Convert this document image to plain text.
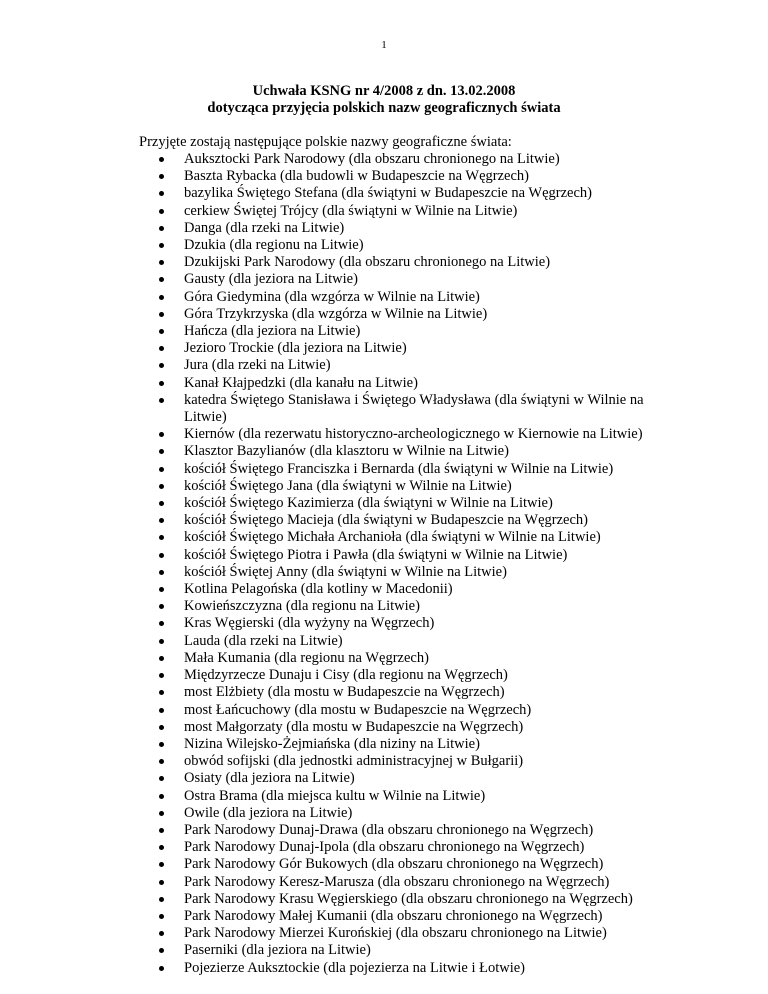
1
Uchwała KSNG nr 4/2008 z dn. 13.02.2008
dotycząca przyjęcia polskich nazw geograficznych świata
Przyjęte zostają następujące polskie nazwy geograficzne świata:
Auksztocki Park Narodowy (dla obszaru chronionego na Litwie)
Baszta Rybacka (dla budowli w Budapeszcie na Węgrzech)
bazylika Świętego Stefana (dla świątyni w Budapeszcie na Węgrzech)
cerkiew Świętej Trójcy (dla świątyni w Wilnie na Litwie)
Danga (dla rzeki na Litwie)
Dzukia (dla regionu na Litwie)
Dzukijski Park Narodowy (dla obszaru chronionego na Litwie)
Gausty (dla jeziora na Litwie)
Góra Giedymina (dla wzgórza w Wilnie na Litwie)
Góra Trzykrzyska (dla wzgórza w Wilnie na Litwie)
Hańcza (dla jeziora na Litwie)
Jezioro Trockie (dla jeziora na Litwie)
Jura (dla rzeki na Litwie)
Kanał Kłajpedzki (dla kanału na Litwie)
katedra Świętego Stanisława i Świętego Władysława (dla świątyni w Wilnie na Litwie)
Kiernów (dla rezerwatu historyczno-archeologicznego w Kiernowie na Litwie)
Klasztor Bazylianów (dla klasztoru w Wilnie na Litwie)
kościół Świętego Franciszka i Bernarda (dla świątyni w Wilnie na Litwie)
kościół Świętego Jana (dla świątyni w Wilnie na Litwie)
kościół Świętego Kazimierza (dla świątyni w Wilnie na Litwie)
kościół Świętego Macieja (dla świątyni w Budapeszcie na Węgrzech)
kościół Świętego Michała Archanioła (dla świątyni w Wilnie na Litwie)
kościół Świętego Piotra i Pawła (dla świątyni w Wilnie na Litwie)
kościół Świętej Anny (dla świątyni w Wilnie na Litwie)
Kotlina Pelagońska (dla kotliny w Macedonii)
Kowieńszczyzna (dla regionu na Litwie)
Kras Węgierski (dla wyżyny na Węgrzech)
Lauda (dla rzeki na Litwie)
Mała Kumania (dla regionu na Węgrzech)
Międzyrzecze Dunaju i Cisy (dla regionu na Węgrzech)
most Elżbiety (dla mostu w Budapeszcie na Węgrzech)
most Łańcuchowy (dla mostu w Budapeszcie na Węgrzech)
most Małgorzaty (dla mostu w Budapeszcie na Węgrzech)
Nizina Wilejsko-Żejmiańska (dla niziny na Litwie)
obwód sofijski (dla jednostki administracyjnej w Bułgarii)
Osiaty (dla jeziora na Litwie)
Ostra Brama (dla miejsca kultu w Wilnie na Litwie)
Owile (dla jeziora na Litwie)
Park Narodowy Dunaj-Drawa (dla obszaru chronionego na Węgrzech)
Park Narodowy Dunaj-Ipola (dla obszaru chronionego na Węgrzech)
Park Narodowy Gór Bukowych (dla obszaru chronionego na Węgrzech)
Park Narodowy Keresz-Marusza (dla obszaru chronionego na Węgrzech)
Park Narodowy Krasu Węgierskiego (dla obszaru chronionego na Węgrzech)
Park Narodowy Małej Kumanii (dla obszaru chronionego na Węgrzech)
Park Narodowy Mierzei Kurońskiej (dla obszaru chronionego na Litwie)
Paserniki (dla jeziora na Litwie)
Pojezierze Auksztockie (dla pojezierza na Litwie i Łotwie)
